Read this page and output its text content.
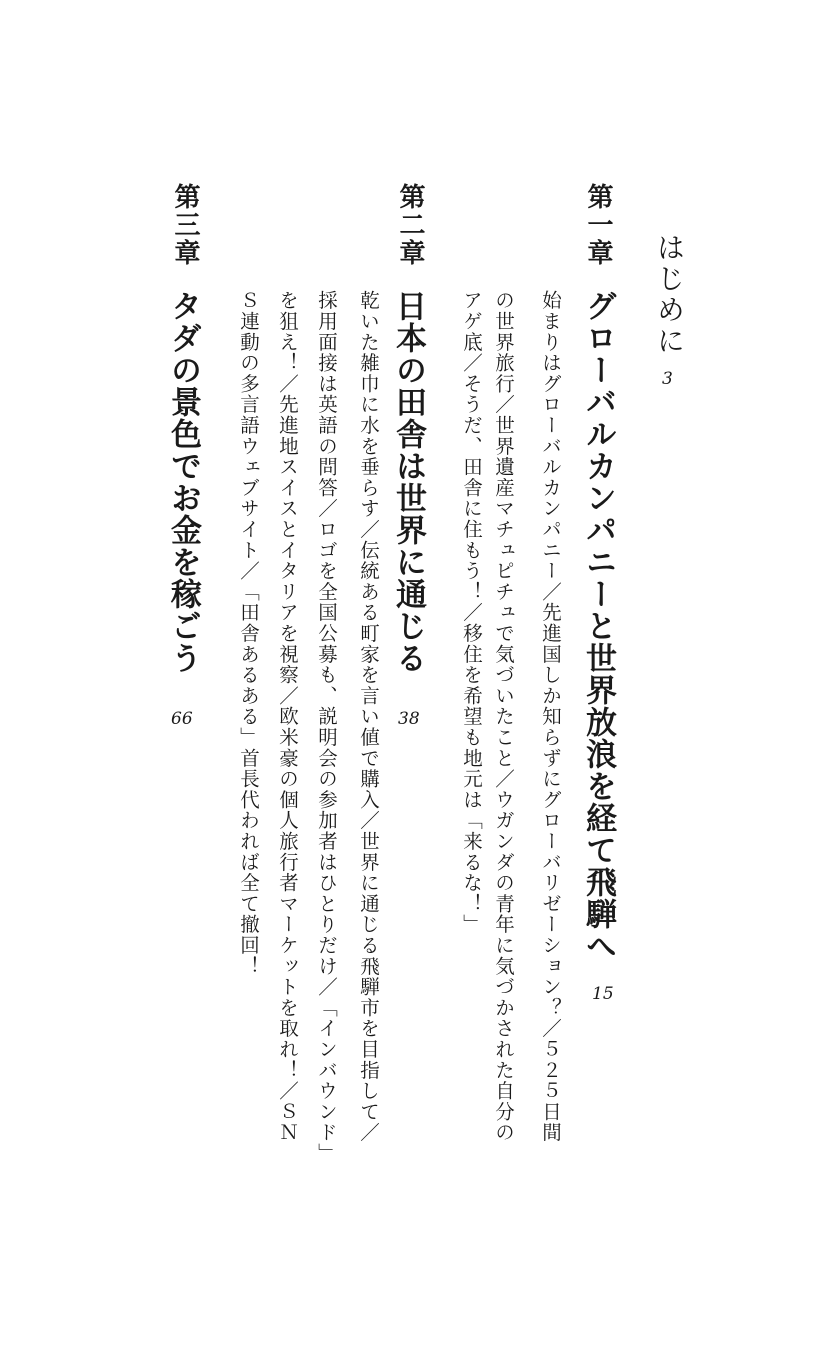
はじめに
3
第一章
グローバルカンパニーと世界放浪を経て飛騨へ
15
始まりはグローバルカンパニー／先進国しか知らずにグローバリゼーション？／５２５日間
の世界旅行／世界遺産マチュピチュで気づいたこと／ウガンダの青年に気づかされた自分の
アゲ底／そうだ、田舎に住もう！／移住を希望も地元は「来るな！」
第二章
日本の田舎は世界に通じる
38
乾いた雑巾に水を垂らす／伝統ある町家を言い値で購入／世界に通じる飛騨市を目指して／
採用面接は英語の問答／ロゴを全国公募も、説明会の参加者はひとりだけ／「インバウンド」
を狙え！／先進地スイスとイタリアを視察／欧米豪の個人旅行者マーケットを取れ！／ＳＮ
Ｓ連動の多言語ウェブサイト／「田舎あるある」首長代われば全て撤回！
第三章
タダの景色でお金を稼ごう
66
